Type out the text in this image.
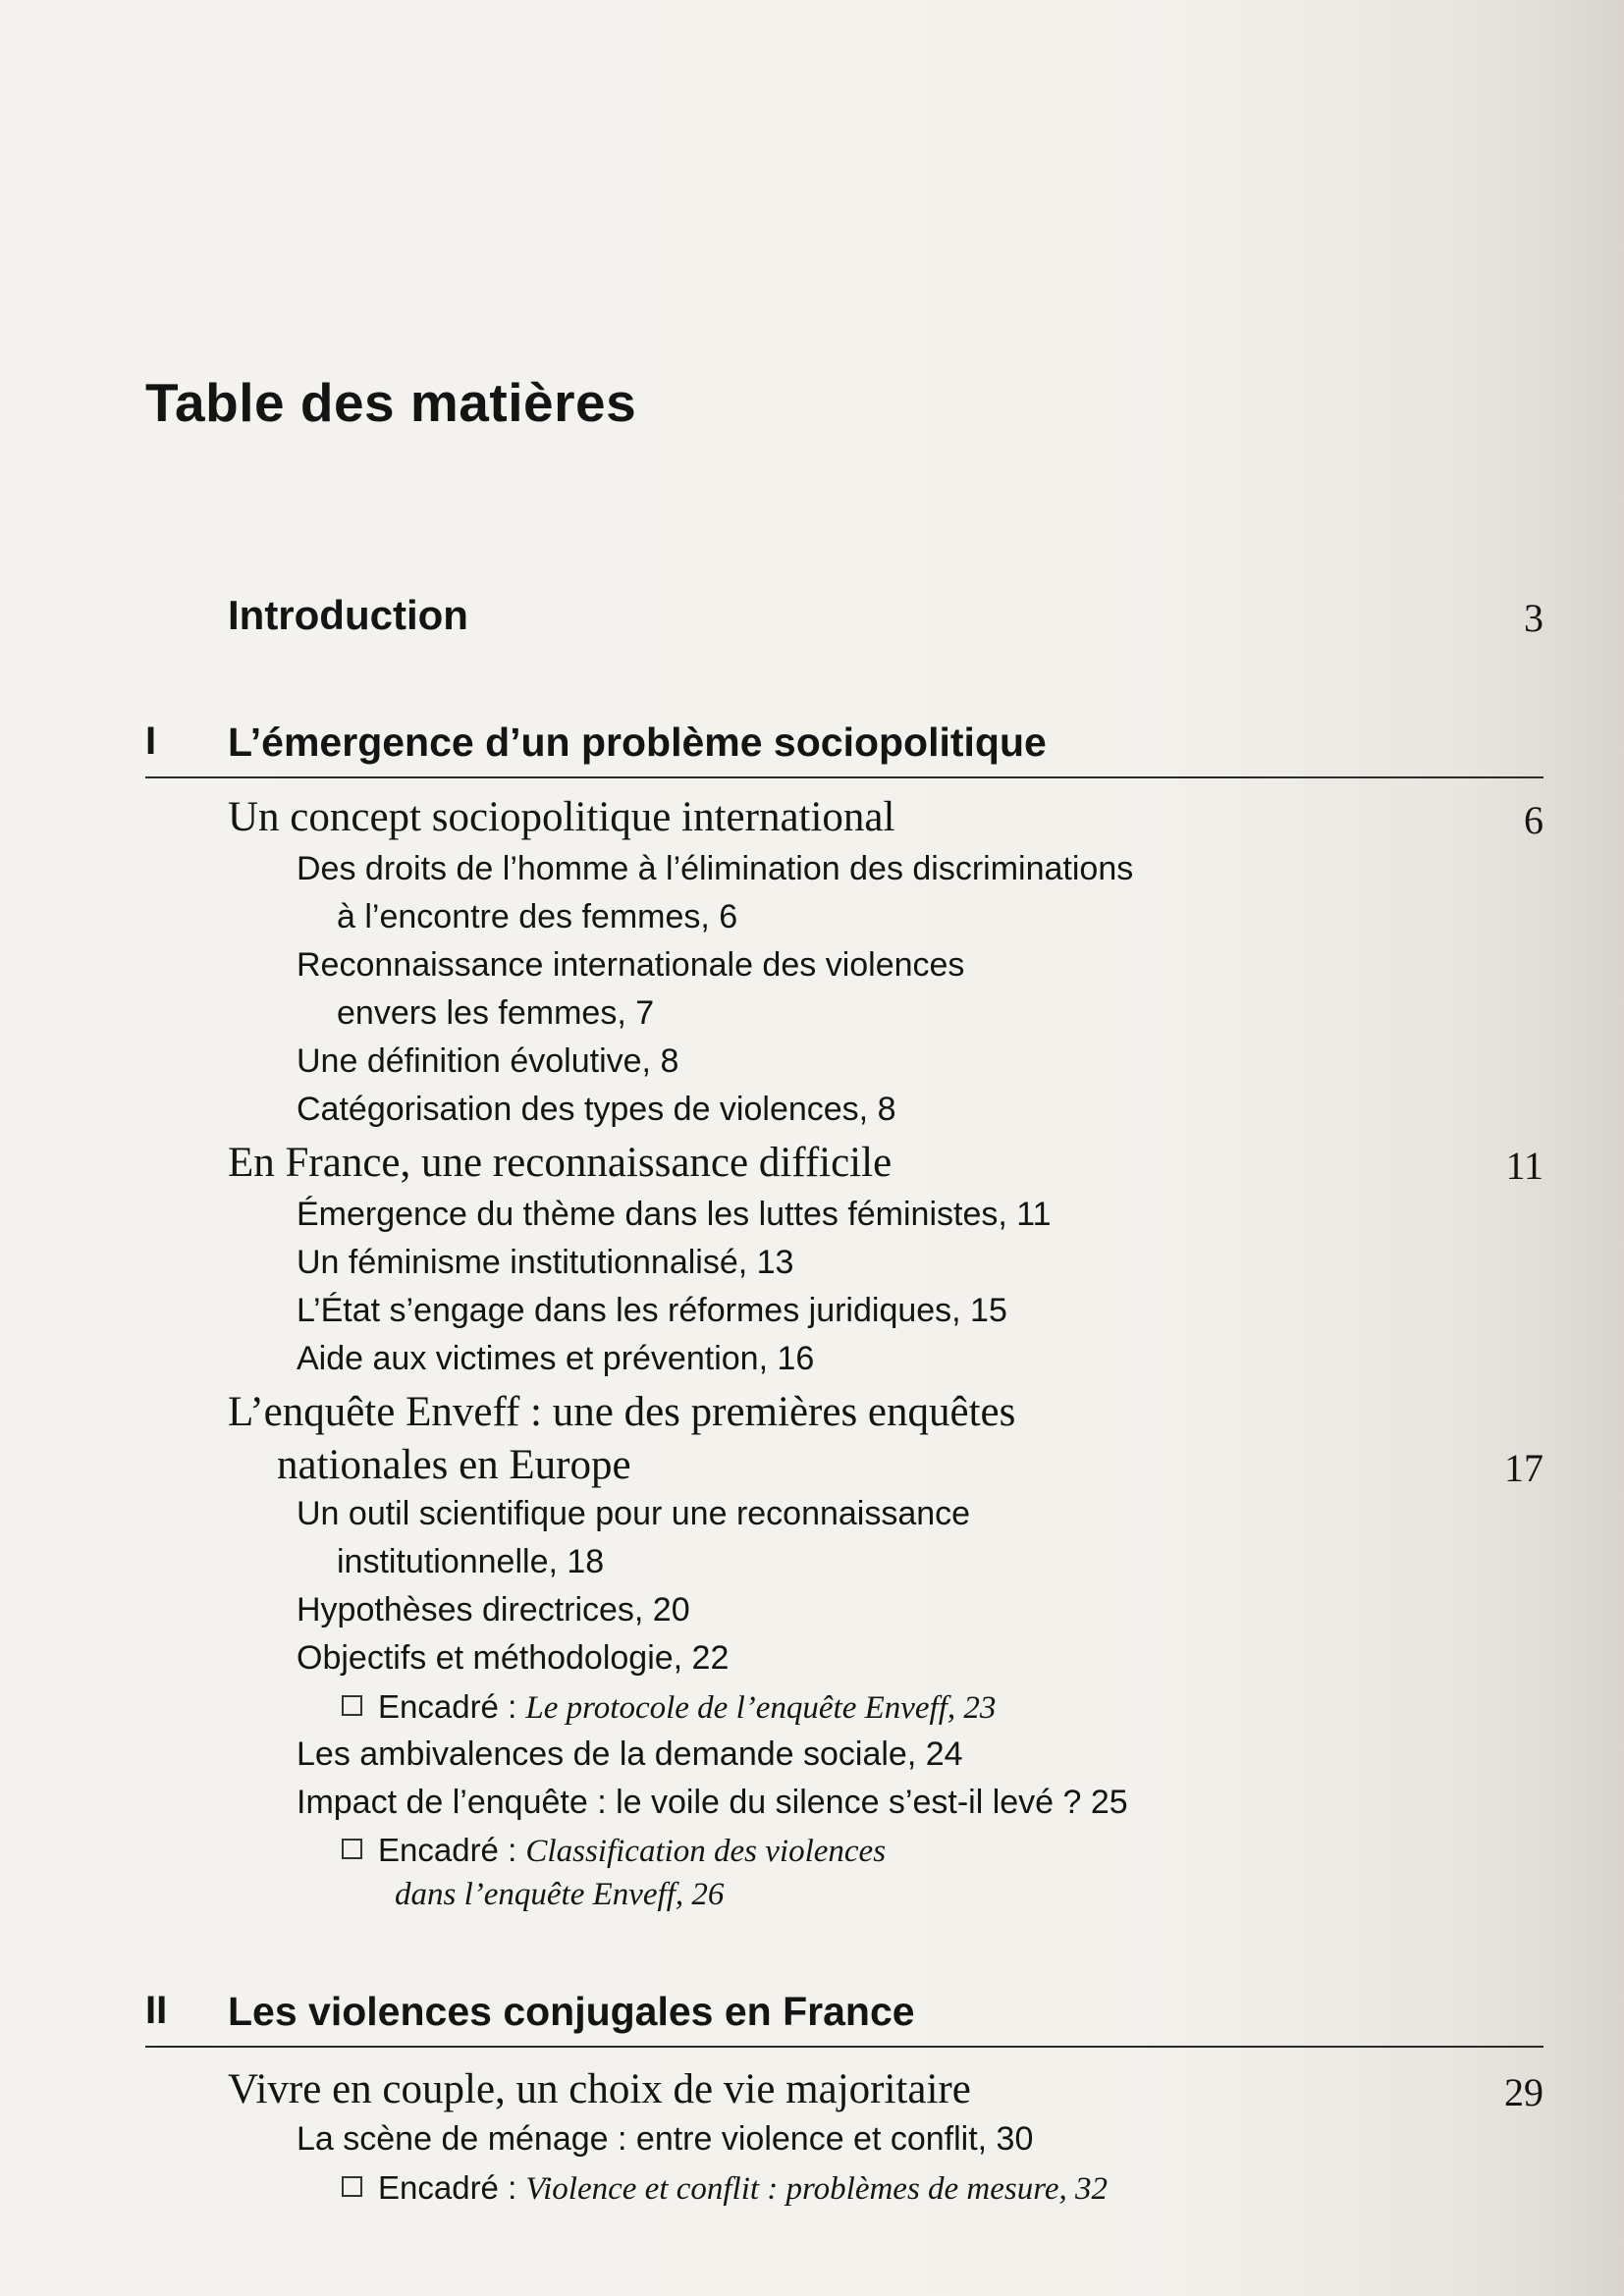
Table des matières
Introduction	3
I L’émergence d’un problème sociopolitique
Un concept sociopolitique international	6
Des droits de l’homme à l’élimination des discriminations
à l’encontre des femmes, 6
Reconnaissance internationale des violences
envers les femmes, 7
Une définition évolutive, 8
Catégorisation des types de violences, 8
En France, une reconnaissance difficile	11
Émergence du thème dans les luttes féministes, 11
Un féminisme institutionnalisé, 13
L’État s’engage dans les réformes juridiques, 15
Aide aux victimes et prévention, 16
L’enquête Enveff : une des premières enquêtes
nationales en Europe	17
Un outil scientifique pour une reconnaissance
institutionnelle, 18
Hypothèses directrices, 20
Objectifs et méthodologie, 22
Encadré : Le protocole de l’enquête Enveff, 23
Les ambivalences de la demande sociale, 24
Impact de l’enquête : le voile du silence s’est-il levé ? 25
Encadré : Classification des violences
dans l’enquête Enveff, 26
II Les violences conjugales en France
Vivre en couple, un choix de vie majoritaire	29
La scène de ménage : entre violence et conflit, 30
Encadré : Violence et conflit : problèmes de mesure, 32
